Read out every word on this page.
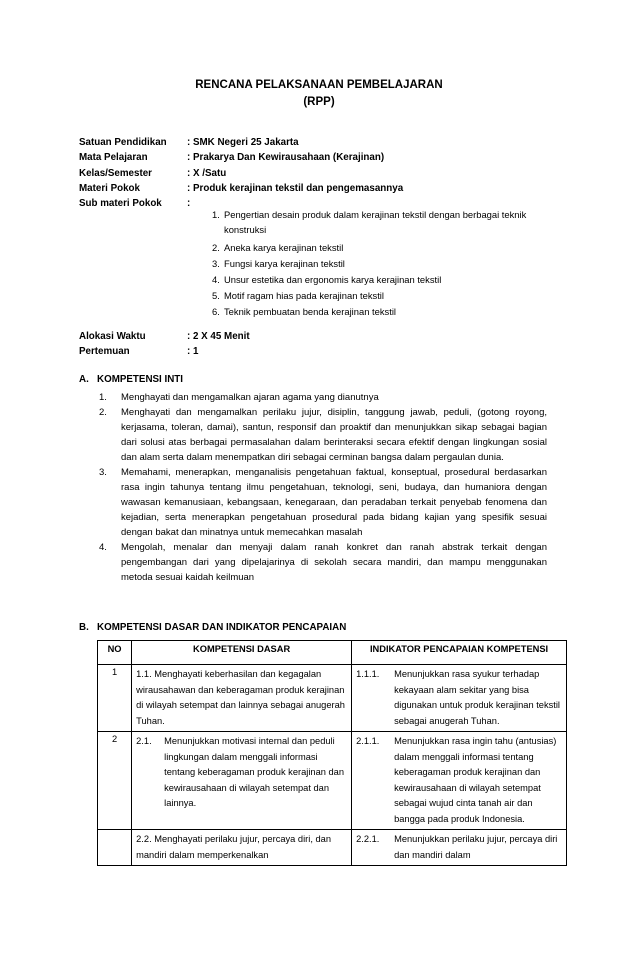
RENCANA PELAKSANAAN PEMBELAJARAN
(RPP)
Satuan Pendidikan	: SMK Negeri 25 Jakarta
Mata Pelajaran	: Prakarya Dan Kewirausahaan (Kerajinan)
Kelas/Semester	: X /Satu
Materi Pokok	: Produk kerajinan tekstil dan pengemasannya
Sub materi Pokok	:
1. Pengertian desain produk dalam kerajinan tekstil dengan berbagai teknik konstruksi
2. Aneka karya kerajinan tekstil
3. Fungsi karya kerajinan tekstil
4. Unsur estetika dan ergonomis karya kerajinan tekstil
5. Motif ragam hias pada kerajinan tekstil
6. Teknik pembuatan benda kerajinan tekstil
Alokasi Waktu	: 2 X 45 Menit
Pertemuan	: 1
A. KOMPETENSI INTI
1. Menghayati dan mengamalkan ajaran agama yang dianutnya
2. Menghayati dan mengamalkan perilaku jujur, disiplin, tanggung jawab, peduli, (gotong royong, kerjasama, toleran, damai), santun, responsif dan proaktif dan menunjukkan sikap sebagai bagian dari solusi atas berbagai permasalahan dalam berinteraksi secara efektif dengan lingkungan sosial dan alam serta dalam menempatkan diri sebagai cerminan bangsa dalam pergaulan dunia.
3. Memahami, menerapkan, menganalisis pengetahuan faktual, konseptual, prosedural berdasarkan rasa ingin tahunya tentang ilmu pengetahuan, teknologi, seni, budaya, dan humaniora dengan wawasan kemanusiaan, kebangsaan, kenegaraan, dan peradaban terkait penyebab fenomena dan kejadian, serta menerapkan pengetahuan prosedural pada bidang kajian yang spesifik sesuai dengan bakat dan minatnya untuk memecahkan masalah
4. Mengolah, menalar dan menyaji dalam ranah konkret dan ranah abstrak terkait dengan pengembangan dari yang dipelajarinya di sekolah secara mandiri, dan mampu menggunakan metoda sesuai kaidah keilmuan
B. KOMPETENSI DASAR DAN INDIKATOR PENCAPAIAN
NO	KOMPETENSI DASAR	INDIKATOR PENCAPAIAN KOMPETENSI
1	1.1. Menghayati keberhasilan dan kegagalan wirausahawan dan keberagaman produk kerajinan di wilayah setempat dan lainnya sebagai anugerah Tuhan.	1.1.1. Menunjukkan rasa syukur terhadap kekayaan alam sekitar yang bisa digunakan untuk produk kerajinan tekstil sebagai anugerah Tuhan.

2	2.1. Menunjukkan motivasi internal dan peduli lingkungan dalam menggali informasi tentang keberagaman produk kerajinan dan kewirausahaan di wilayah setempat dan lainnya.	2.1.1. Menunjukkan rasa ingin tahu (antusias) dalam menggali informasi tentang keberagaman produk kerajinan dan kewirausahaan di wilayah setempat sebagai wujud cinta tanah air dan bangga pada produk Indonesia.

	2.2. Menghayati perilaku jujur, percaya diri, dan mandiri dalam memperkenalkan	2.2.1. Menunjukkan perilaku jujur, percaya diri dan mandiri dalam
